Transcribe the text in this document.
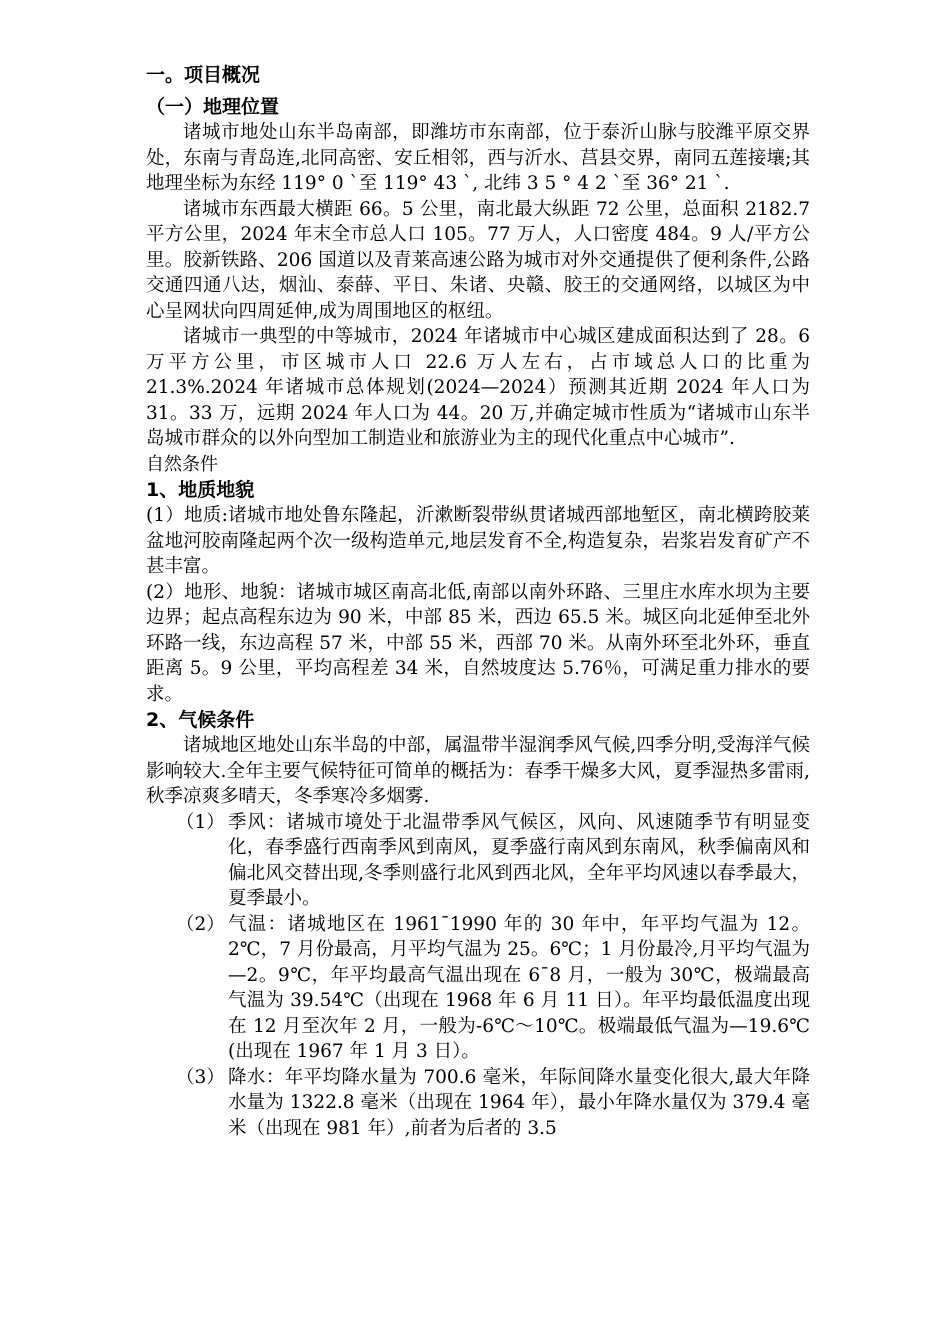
一。项目概况
（一）地理位置

诸城市地处山东半岛南部，即潍坊市东南部，位于泰沂山脉与胶潍平原交界处，东南与青岛连,北同高密、安丘相邻，西与沂水、莒县交界，南同五莲接壤;其地理坐标为东经 119° 0 `至 119° 43 `, 北纬 3 5 ° 4 2 `至 36° 21 `.

诸城市东西最大横距 66。5 公里，南北最大纵距 72 公里，总面积 2182.7 平方公里，2024 年末全市总人口 105。77 万人，人口密度 484。9 人/平方公里。胶新铁路、206 国道以及青莱高速公路为城市对外交通提供了便利条件,公路交通四通八达，烟汕、泰薛、平日、朱诸、央赣、胶王的交通网络，以城区为中心呈网状向四周延伸,成为周围地区的枢纽。

诸城市一典型的中等城市，2024 年诸城市中心城区建成面积达到了 28。6 万平方公里，市区城市人口 22.6 万人左右，占市域总人口的比重为 21.3%.2024 年诸城市总体规划(2024—2024）预测其近期 2024 年人口为 31。33 万，远期 2024 年人口为 44。20 万,并确定城市性质为“诸城市山东半岛城市群众的以外向型加工制造业和旅游业为主的现代化重点中心城市”.

自然条件
1、地质地貌

(1）地质:诸城市地处鲁东隆起，沂漱断裂带纵贯诸城西部地堑区，南北横跨胶莱盆地河胶南隆起两个次一级构造单元,地层发育不全,构造复杂，岩浆岩发育矿产不甚丰富。

(2）地形、地貌：诸城市城区南高北低,南部以南外环路、三里庄水库水坝为主要边界；起点高程东边为 90 米，中部 85 米，西边 65.5 米。城区向北延伸至北外环路一线，东边高程 57 米，中部 55 米，西部 70 米。从南外环至北外环，垂直距离 5。9 公里，平均高程差 34 米，自然坡度达 5.76％，可满足重力排水的要求。

2、气候条件

诸城地区地处山东半岛的中部，属温带半湿润季风气候,四季分明,受海洋气候影响较大.全年主要气候特征可简单的概括为：春季干燥多大风，夏季湿热多雷雨,秋季凉爽多晴天，冬季寒冷多烟雾.

（1） 季风：诸城市境处于北温带季风气候区，风向、风速随季节有明显变化，春季盛行西南季风到南风，夏季盛行南风到东南风，秋季偏南风和偏北风交替出现,冬季则盛行北风到西北风，全年平均风速以春季最大，夏季最小。
（2） 气温：诸城地区在 1961¯1990 年的 30 年中，年平均气温为 12。2℃，7 月份最高，月平均气温为 25。6℃；1 月份最冷,月平均气温为—2。9℃，年平均最高气温出现在 6¯8 月，一般为 30℃，极端最高气温为 39.54℃（出现在 1968 年 6 月 11 日）。年平均最低温度出现在 12 月至次年 2 月，一般为-6℃～10℃。极端最低气温为—19.6℃(出现在 1967 年 1 月 3 日）。
（3） 降水：年平均降水量为 700.6 毫米，年际间降水量变化很大,最大年降水量为 1322.8 毫米（出现在 1964 年），最小年降水量仅为 379.4 毫米（出现在 981 年）,前者为后者的 3.5
